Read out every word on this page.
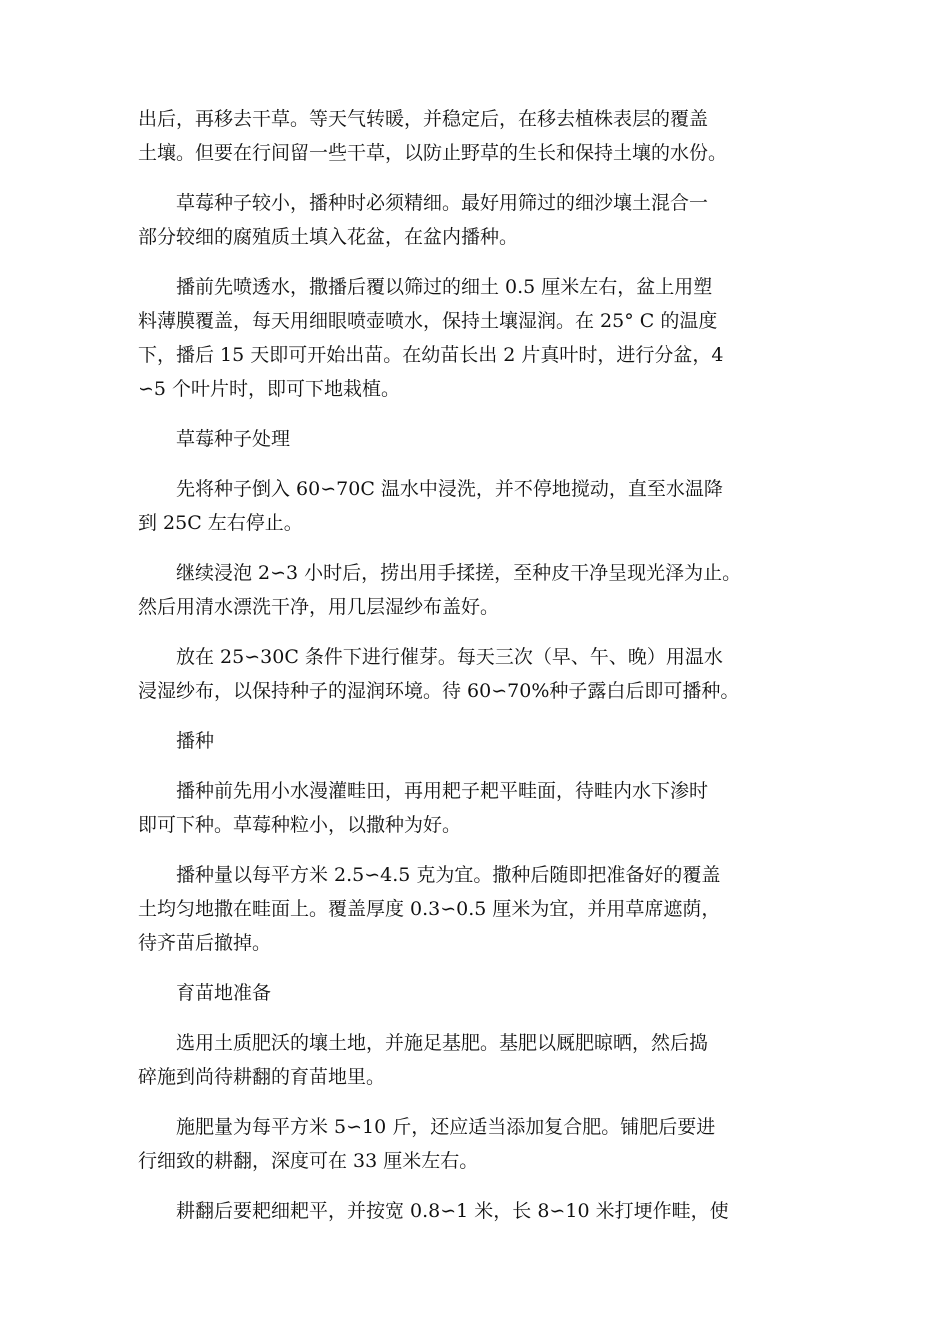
出后，再移去干草。等天气转暖，并稳定后，在移去植株表层的覆盖
土壤。但要在行间留一些干草，以防止野草的生长和保持土壤的水份。

　　草莓种子较小，播种时必须精细。最好用筛过的细沙壤土混合一
部分较细的腐殖质土填入花盆，在盆内播种。

　　播前先喷透水，撒播后覆以筛过的细土 0.5 厘米左右，盆上用塑
料薄膜覆盖，每天用细眼喷壶喷水，保持土壤湿润。在 25° C 的温度
下，播后 15 天即可开始出苗。在幼苗长出 2 片真叶时，进行分盆，4
∽5 个叶片时，即可下地栽植。

草莓种子处理

　　先将种子倒入 60∽70C 温水中浸洗，并不停地搅动，直至水温降
到 25C 左右停止。

　　继续浸泡 2∽3 小时后，捞出用手揉搓，至种皮干净呈现光泽为止。
然后用清水漂洗干净，用几层湿纱布盖好。

　　放在 25∽30C 条件下进行催芽。每天三次（早、午、晚）用温水
浸湿纱布，以保持种子的湿润环境。待 60∽70%种子露白后即可播种。

播种

　　播种前先用小水漫灌畦田，再用耙子耙平畦面，待畦内水下渗时
即可下种。草莓种粒小，以撒种为好。

　　播种量以每平方米 2.5∽4.5 克为宜。撒种后随即把准备好的覆盖
土均匀地撒在畦面上。覆盖厚度 0.3∽0.5 厘米为宜，并用草席遮荫，
待齐苗后撤掉。

育苗地准备

　　选用土质肥沃的壤土地，并施足基肥。基肥以厩肥晾晒，然后捣
碎施到尚待耕翻的育苗地里。

　　施肥量为每平方米 5∽10 斤，还应适当添加复合肥。铺肥后要进
行细致的耕翻，深度可在 33 厘米左右。

　　耕翻后要耙细耙平，并按宽 0.8∽1 米，长 8∽10 米打埂作畦，使
